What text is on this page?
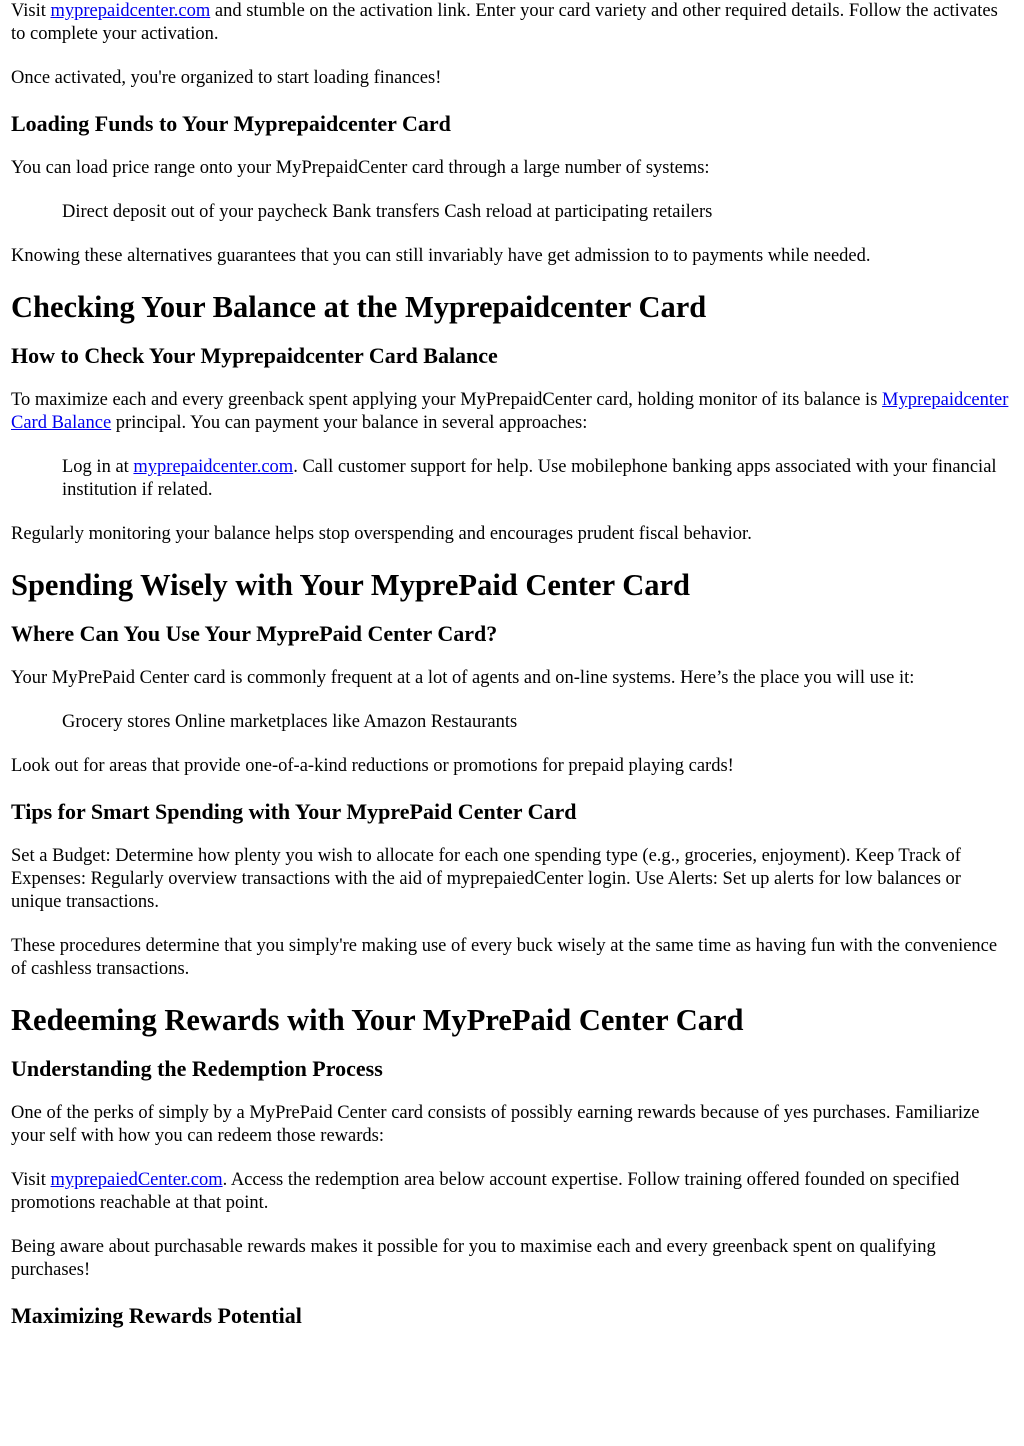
Visit myprepaidcenter.com and stumble on the activation link. Enter your card variety and other required details. Follow the activates to complete your activation.

Once activated, you're organized to start loading finances!

Loading Funds to Your Myprepaidcenter Card

You can load price range onto your MyPrepaidCenter card through a large number of systems:

Direct deposit out of your paycheck Bank transfers Cash reload at participating retailers

Knowing these alternatives guarantees that you can still invariably have get admission to to payments while needed.

Checking Your Balance at the Myprepaidcenter Card
How to Check Your Myprepaidcenter Card Balance

To maximize each and every greenback spent applying your MyPrepaidCenter card, holding monitor of its balance is Myprepaidcenter Card Balance principal. You can payment your balance in several approaches:

Log in at myprepaidcenter.com. Call customer support for help. Use mobilephone banking apps associated with your financial institution if related.

Regularly monitoring your balance helps stop overspending and encourages prudent fiscal behavior.

Spending Wisely with Your MyprePaid Center Card
Where Can You Use Your MyprePaid Center Card?

Your MyPrePaid Center card is commonly frequent at a lot of agents and on-line systems. Here’s the place you will use it:

Grocery stores Online marketplaces like Amazon Restaurants

Look out for areas that provide one-of-a-kind reductions or promotions for prepaid playing cards!

Tips for Smart Spending with Your MyprePaid Center Card

Set a Budget: Determine how plenty you wish to allocate for each one spending type (e.g., groceries, enjoyment). Keep Track of Expenses: Regularly overview transactions with the aid of myprepaiedCenter login. Use Alerts: Set up alerts for low balances or unique transactions.

These procedures determine that you simply're making use of every buck wisely at the same time as having fun with the convenience of cashless transactions.

Redeeming Rewards with Your MyPrePaid Center Card
Understanding the Redemption Process

One of the perks of simply by a MyPrePaid Center card consists of possibly earning rewards because of yes purchases. Familiarize your self with how you can redeem those rewards:

Visit myprepaiedCenter.com. Access the redemption area below account expertise. Follow training offered founded on specified promotions reachable at that point.

Being aware about purchasable rewards makes it possible for you to maximise each and every greenback spent on qualifying purchases!

Maximizing Rewards Potential
